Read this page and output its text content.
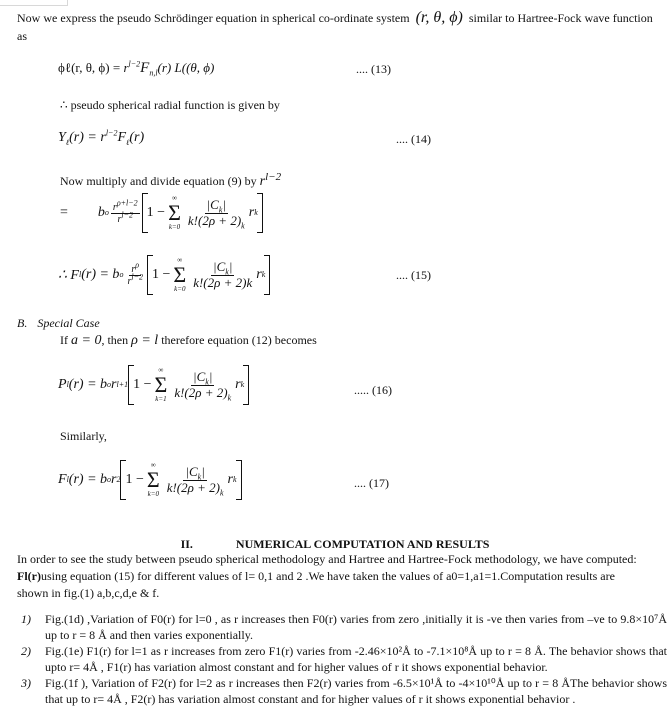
Now we express the pseudo Schrödinger equation in spherical co-ordinate system (r, θ, ϕ) similar to Hartree-Fock wave function
as
ϕℓ(r, θ, $\phi) = r^{l-2}F_{n,l}(r)$ L((θ, ϕ)	.... (13)
∴ pseudo spherical radial function is given by
$Y_\ell(r) = r^{l-2}F_\ell(r)$	.... (14)
Now multiply and divide equation (9) by $r^{l-2}$
= b o $\frac{r^{\rho+l-2}}{r^{l-2}} 1$ −
∞
Σ
$k=0 \frac{|C_k|}{k!(2\rho + 2)_k}$ r k
∴ F l (r) = b o $\frac{r^\rho}{r^{l-2}} 1$ −
∞
Σ
$k=0 \frac{|C_k|}{k!(2\rho + 2)k}$ r k	.... (15)
B. Special Case
If a = 0, then ρ = l therefore equation (12) becomes
P l (r) = b o r l+1 1 −
∞
Σ
$k=1 \frac{|C_k|}{k!(2\rho + 2)_k}$ r k	..... (16)
Similarly,
F l (r) = b o r 2 1 −
∞
Σ
$k=0 \frac{|C_k|}{k!(2\rho + 2)_k}$ r k	.... (17)
II.	NUMERICAL COMPUTATION AND RESULTS
In order to see the study between pseudo spherical methodology and Hartree and Hartree-Fock methodology, we have computed:
Fl(r)using equation (15) for different values of l= 0,1 and 2 .We have taken the values of a0=1,a1=1.Computation results are
shown in fig.(1) a,b,c,d,e & f.
1) Fig.(1d) ,Variation of F0(r) for l=0 , as r increases then F0(r) varies from zero ,initially it is -ve then varies from –ve to 9.8×10⁷Å up to r = 8 Å and then varies exponentially.
2) Fig.(1e) F1(r) for l=1 as r increases from zero F1(r) varies from -2.46×10²Å to -7.1×10⁸Å up to r = 8 Å. The behavior shows that upto r= 4Å , F1(r) has variation almost constant and for higher values of r it shows exponential behavior.
3) Fig.(1f ), Variation of F2(r) for l=2 as r increases then F2(r) varies from -6.5×10¹Å to -4×10¹⁰Å up to r = 8 ÅThe behavior shows that up to r= 4Å , F2(r) has variation almost constant and for higher values of r it shows exponential behavior .
